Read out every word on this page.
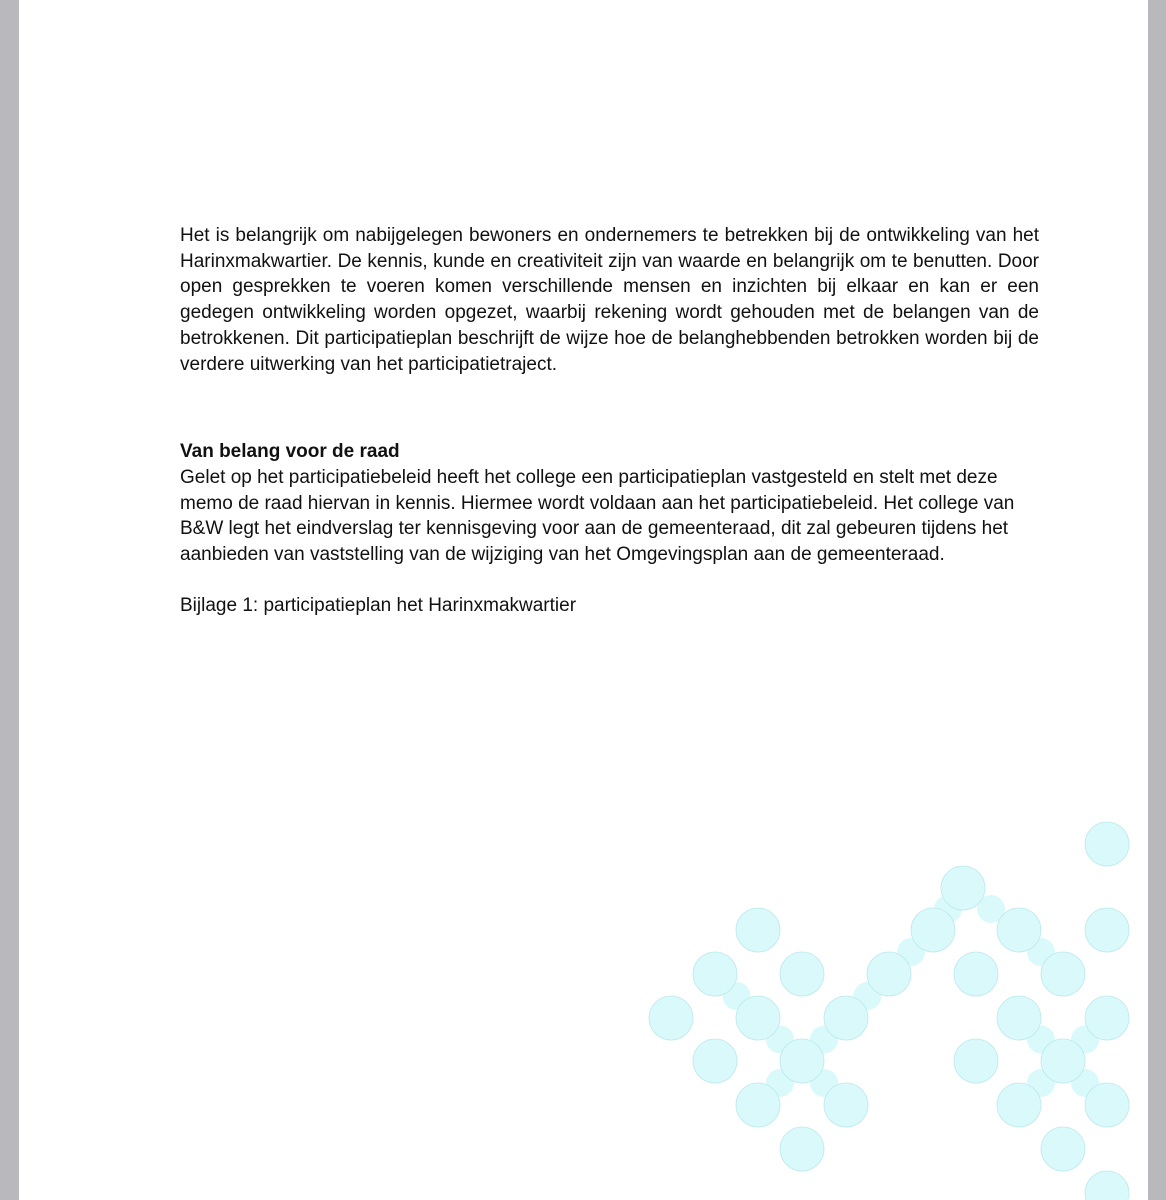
Het is belangrijk om nabijgelegen bewoners en ondernemers te betrekken bij de ontwikkeling van het Harinxmakwartier. De kennis, kunde en creativiteit zijn van waarde en belangrijk om te benutten. Door open gesprekken te voeren komen verschillende mensen en inzichten bij elkaar en kan er een gedegen ontwikkeling worden opgezet, waarbij rekening wordt gehouden met de belangen van de betrokkenen. Dit participatieplan beschrijft de wijze hoe de belanghebbenden betrokken worden bij de verdere uitwerking van het participatietraject.

Van belang voor de raad

Gelet op het participatiebeleid heeft het college een participatieplan vastgesteld en stelt met deze memo de raad hiervan in kennis. Hiermee wordt voldaan aan het participatiebeleid. Het college van B&W legt het eindverslag ter kennisgeving voor aan de gemeenteraad, dit zal gebeuren tijdens het aanbieden van vaststelling van de wijziging van het Omgevingsplan aan de gemeenteraad.

Bijlage 1: participatieplan het Harinxmakwartier
